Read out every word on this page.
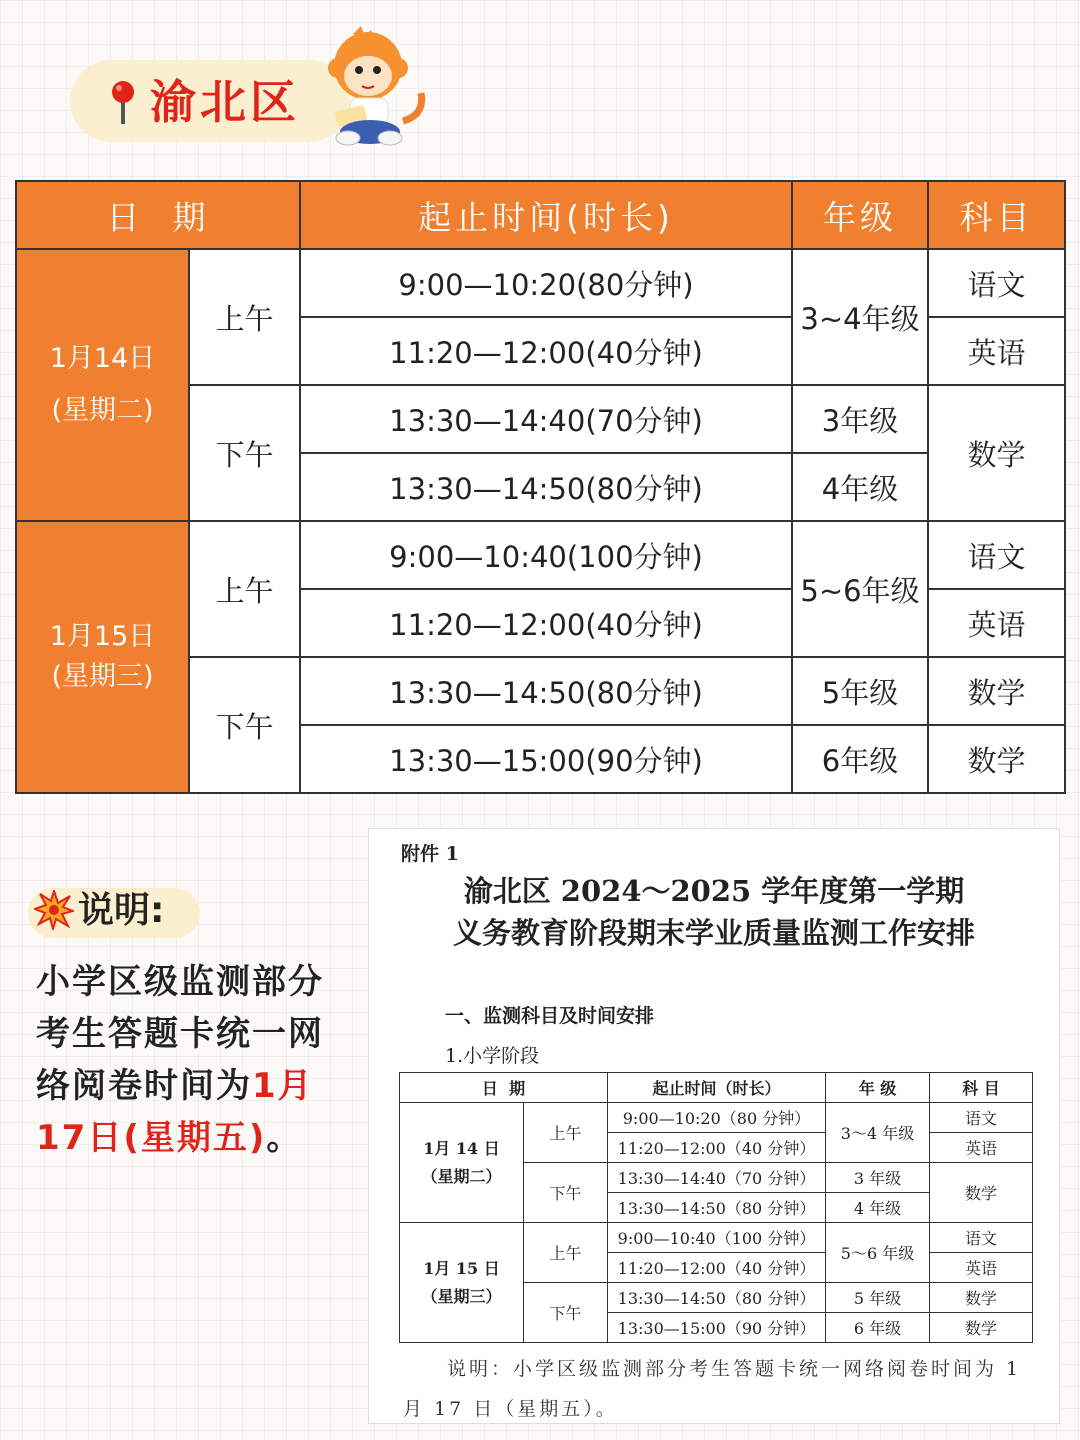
渝北区
日  期		起止时间(时长)	年级	科目

1月14日
(星期二)	上午	9:00—10:20(80分钟)	3~4年级	语文
		11:20—12:00(40分钟)		英语
	下午	13:30—14:40(70分钟)	3年级	数学
		13:30—14:50(80分钟)	4年级	

1月15日
(星期三)	上午	9:00—10:40(100分钟)	5~6年级	语文
		11:20—12:00(40分钟)		英语
	下午	13:30—14:50(80分钟)	5年级	数学
		13:30—15:00(90分钟)	6年级	数学
说明:
小学区级监测部分考生答题卡统一网络阅卷时间为1月17日(星期五)。
附件 1
渝北区 2024～2025 学年度第一学期
义务教育阶段期末学业质量监测工作安排
一、监测科目及时间安排
1.小学阶段
日  期		起止时间（时长）	年 级	科 目

1月 14 日
（星期二）	上午	9:00—10:20（80 分钟）	3～4 年级	语文
		11:20—12:00（40 分钟）		英语
	下午	13:30—14:40（70 分钟）	3 年级	数学
		13:30—14:50（80 分钟）	4 年级	

1月 15 日
（星期三）	上午	9:00—10:40（100 分钟）	5～6 年级	语文
		11:20—12:00（40 分钟）		英语
	下午	13:30—14:50（80 分钟）	5 年级	数学
		13:30—15:00（90 分钟）	6 年级	数学
说明：小学区级监测部分考生答题卡统一网络阅卷时间为 1 月 17 日（星期五）。
